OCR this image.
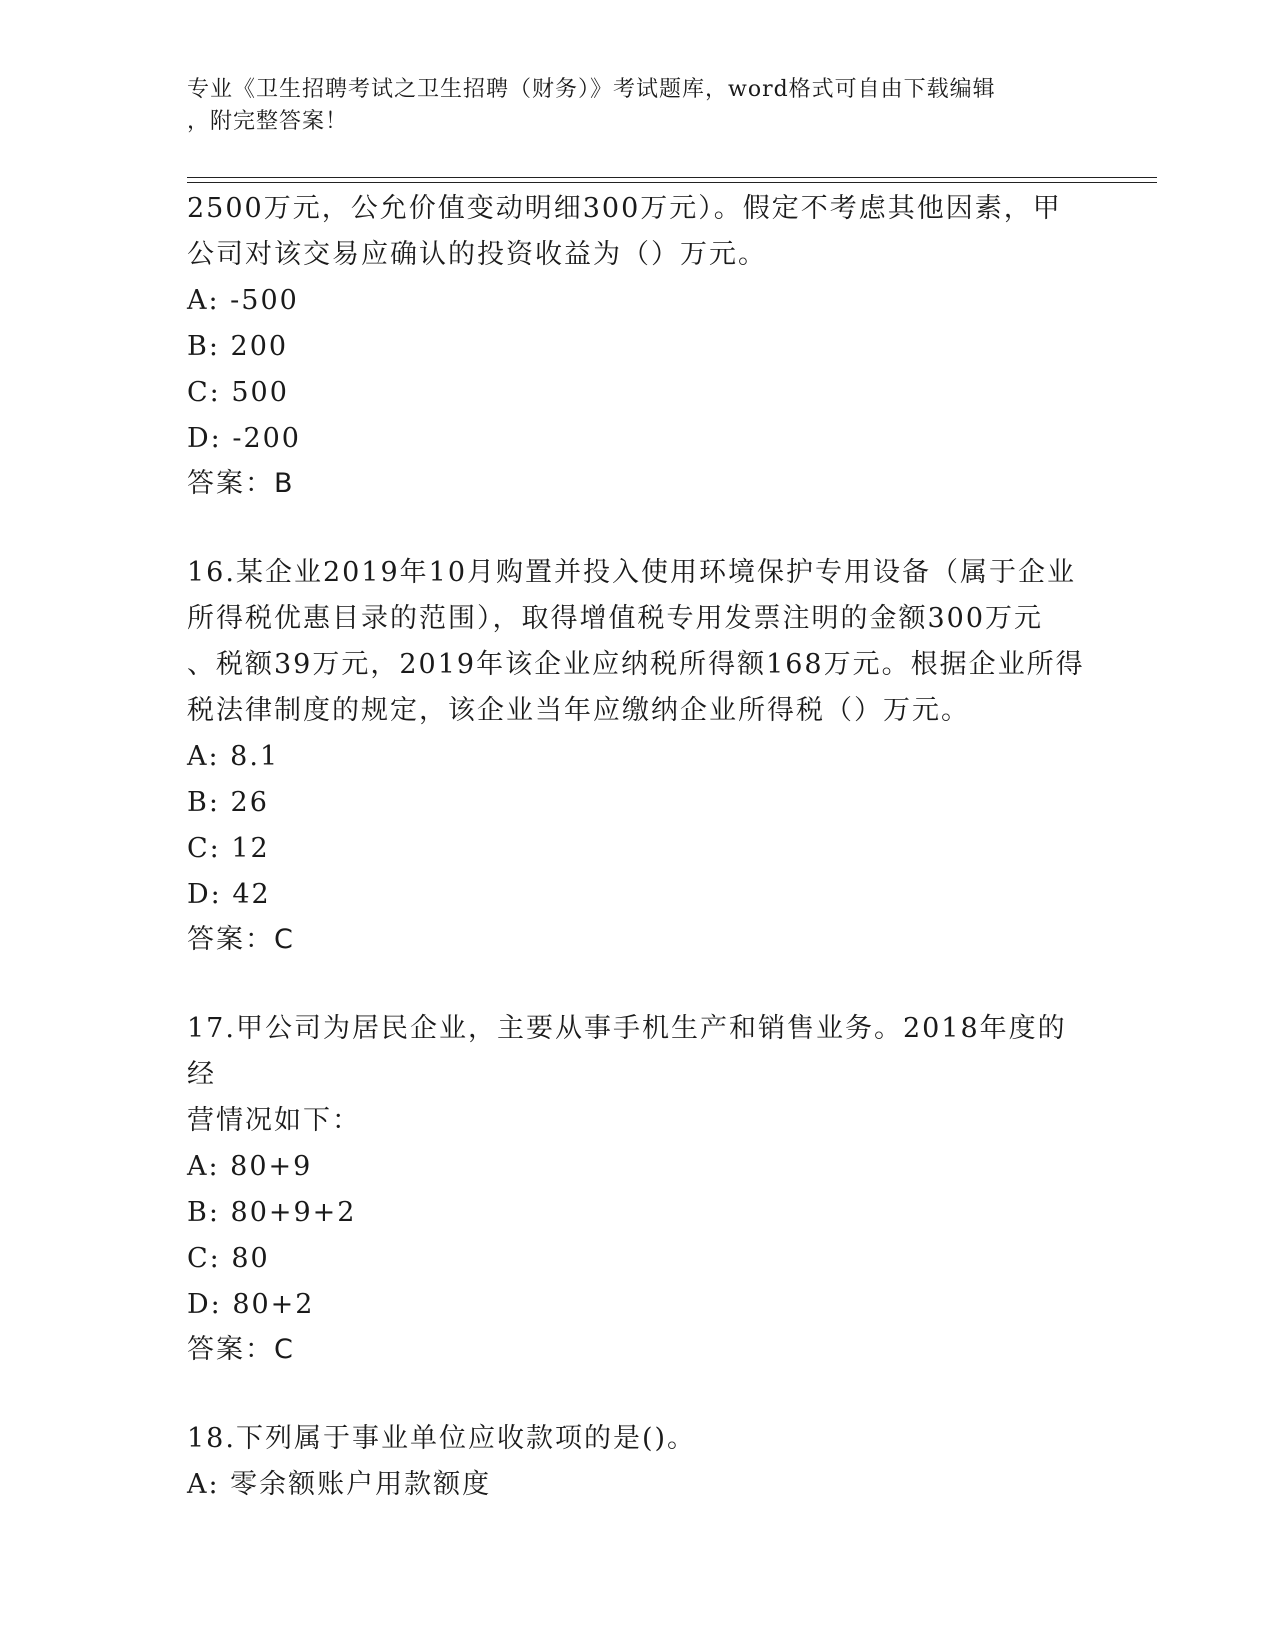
专业《卫生招聘考试之卫生招聘（财务）》考试题库，word格式可自由下载编辑
，附完整答案！

2500万元，公允价值变动明细300万元）。假定不考虑其他因素，甲

公司对该交易应确认的投资收益为（）万元。

A: -500

B: 200

C: 500

D: -200

答案：B

16.某企业2019年10月购置并投入使用环境保护专用设备（属于企业

所得税优惠目录的范围），取得增值税专用发票注明的金额300万元

、税额39万元，2019年该企业应纳税所得额168万元。根据企业所得

税法律制度的规定，该企业当年应缴纳企业所得税（）万元。

A: 8.1

B: 26

C: 12

D: 42

答案：C

17.甲公司为居民企业，主要从事手机生产和销售业务。2018年度的经

营情况如下：

A: 80+9

B: 80+9+2

C: 80

D: 80+2

答案：C

18.下列属于事业单位应收款项的是()。

A: 零余额账户用款额度
